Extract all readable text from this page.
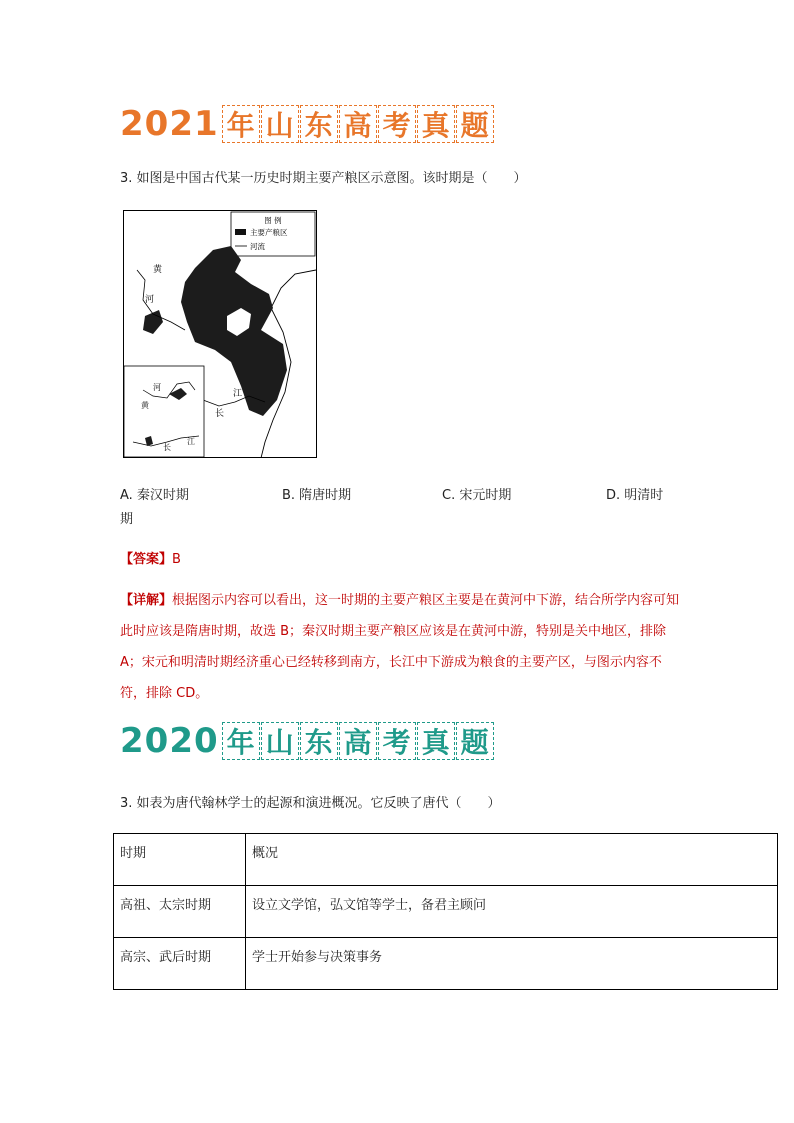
2021 年 山 东 高 考 真 题
3. 如图是中国古代某一历史时期主要产粮区示意图。该时期是（　　）
图 例
主要产粮区
河流
黄
河
江
长
河
黄
长
江
A. 秦汉时期	B. 隋唐时期	C. 宋元时期	D. 明清时
期
【答案】B
【详解】根据图示内容可以看出，这一时期的主要产粮区主要是在黄河中下游，结合所学内容可知此时应该是隋唐时期，故选 B；秦汉时期主要产粮区应该是在黄河中游，特别是关中地区，排除 A；宋元和明清时期经济重心已经转移到南方，长江中下游成为粮食的主要产区，与图示内容不符，排除 CD。
2020 年 山 东 高 考 真 题
3. 如表为唐代翰林学士的起源和演进概况。它反映了唐代（　　）
时期	概况
高祖、太宗时期	设立文学馆，弘文馆等学士，备君主顾问
高宗、武后时期	学士开始参与决策事务
